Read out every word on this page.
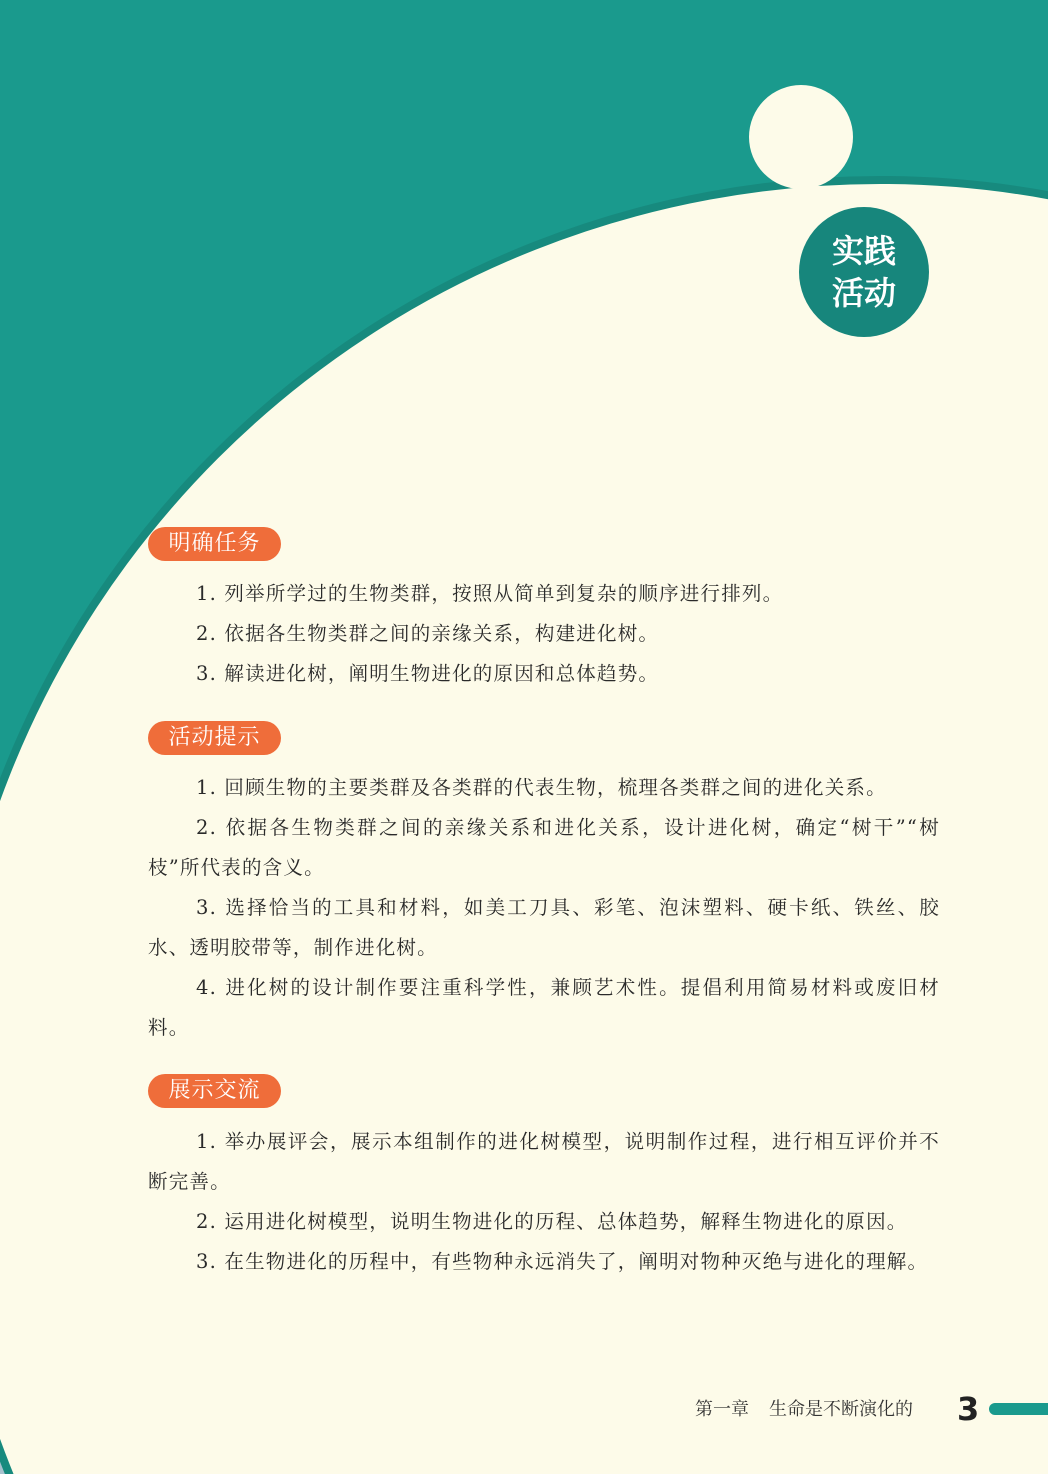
实践
活动
明确任务

1. 列举所学过的生物类群，按照从简单到复杂的顺序进行排列。

2. 依据各生物类群之间的亲缘关系，构建进化树。

3. 解读进化树，阐明生物进化的原因和总体趋势。

活动提示

1. 回顾生物的主要类群及各类群的代表生物，梳理各类群之间的进化关系。

2. 依据各生物类群之间的亲缘关系和进化关系，设计进化树，确定“树干”“树枝”所代表的含义。

3. 选择恰当的工具和材料，如美工刀具、彩笔、泡沫塑料、硬卡纸、铁丝、胶水、透明胶带等，制作进化树。

4. 进化树的设计制作要注重科学性，兼顾艺术性。提倡利用简易材料或废旧材料。

展示交流

1. 举办展评会，展示本组制作的进化树模型，说明制作过程，进行相互评价并不断完善。

2. 运用进化树模型，说明生物进化的历程、总体趋势，解释生物进化的原因。

3. 在生物进化的历程中，有些物种永远消失了，阐明对物种灭绝与进化的理解。

第一章 生命是不断演化的 3
